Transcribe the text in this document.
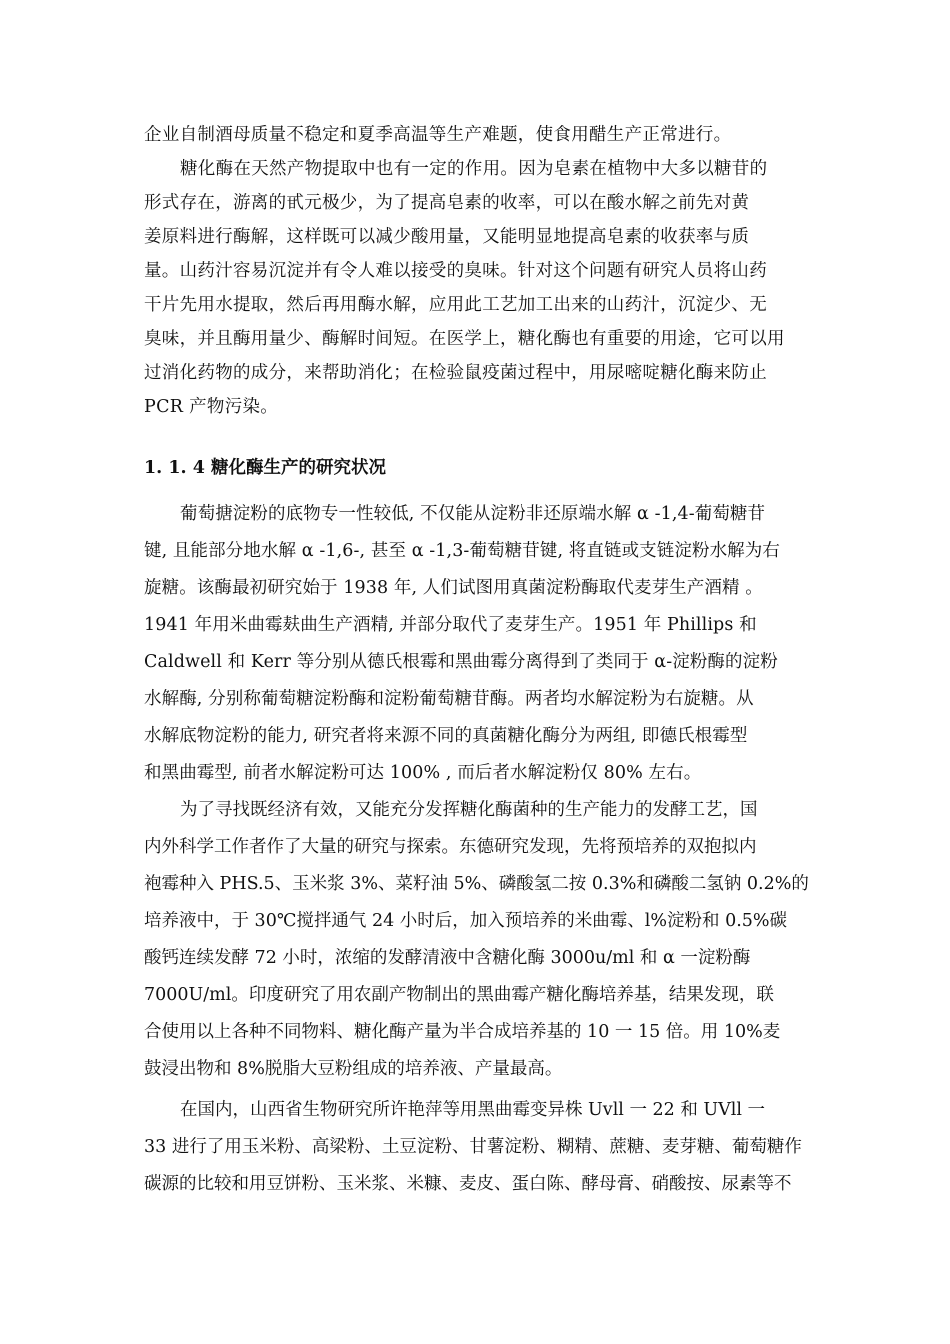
企业自制酒母质量不稳定和夏季高温等生产难题，使食用醋生产正常进行。
糖化酶在天然产物提取中也有一定的作用。因为皂素在植物中大多以糖苷的
形式存在，游离的甙元极少，为了提高皂素的收率，可以在酸水解之前先对黄
姜原料进行酶解，这样既可以减少酸用量，又能明显地提高皂素的收获率与质
量。山药汁容易沉淀并有令人难以接受的臭味。针对这个问题有研究人员将山药
干片先用水提取，然后再用酶水解，应用此工艺加工出来的山药汁，沉淀少、无
臭味，并且酶用量少、酶解时间短。在医学上，糖化酶也有重要的用途，它可以用
过消化药物的成分，来帮助消化；在检验鼠疫菌过程中，用尿嘧啶糖化酶来防止
PCR 产物污染。
1. 1. 4 糖化酶生产的研究状况
葡萄搪淀粉的底物专一性较低, 不仅能从淀粉非还原端水解 α -1,4-葡萄糖苷
键, 且能部分地水解 α -1,6-, 甚至 α -1,3-葡萄糖苷键, 将直链或支链淀粉水解为右
旋糖。该酶最初研究始于 1938 年, 人们试图用真菌淀粉酶取代麦芽生产酒精 。
1941 年用米曲霉麸曲生产酒精, 并部分取代了麦芽生产。1951 年 Phillips 和
Caldwell 和 Kerr 等分别从德氏根霉和黑曲霉分离得到了类同于 α-淀粉酶的淀粉
水解酶, 分别称葡萄糖淀粉酶和淀粉葡萄糖苷酶。两者均水解淀粉为右旋糖。从
水解底物淀粉的能力, 研究者将来源不同的真菌糖化酶分为两组, 即德氏根霉型
和黑曲霉型, 前者水解淀粉可达 100% , 而后者水解淀粉仅 80% 左右。
为了寻找既经济有效，又能充分发挥糖化酶菌种的生产能力的发酵工艺，国
内外科学工作者作了大量的研究与探索。东德研究发现，先将预培养的双抱拟内
袍霉种入 PHS.5、玉米浆 3%、菜籽油 5%、磷酸氢二按 0.3%和磷酸二氢钠 0.2%的
培养液中，于 30℃搅拌通气 24 小时后，加入预培养的米曲霉、l%淀粉和 0.5%碳
酸钙连续发酵 72 小时，浓缩的发酵清液中含糖化酶 3000u/ml 和 α 一淀粉酶
7000U/ml。印度研究了用农副产物制出的黑曲霉产糖化酶培养基，结果发现，联
合使用以上各种不同物料、糖化酶产量为半合成培养基的 10 一 15 倍。用 10%麦
鼓浸出物和 8%脱脂大豆粉组成的培养液、产量最高。
在国内，山西省生物研究所许艳萍等用黑曲霉变异株 Uvll 一 22 和 UVll 一
33 进行了用玉米粉、高梁粉、土豆淀粉、甘薯淀粉、糊精、蔗糖、麦芽糖、葡萄糖作
碳源的比较和用豆饼粉、玉米浆、米糠、麦皮、蛋白陈、酵母膏、硝酸按、尿素等不
